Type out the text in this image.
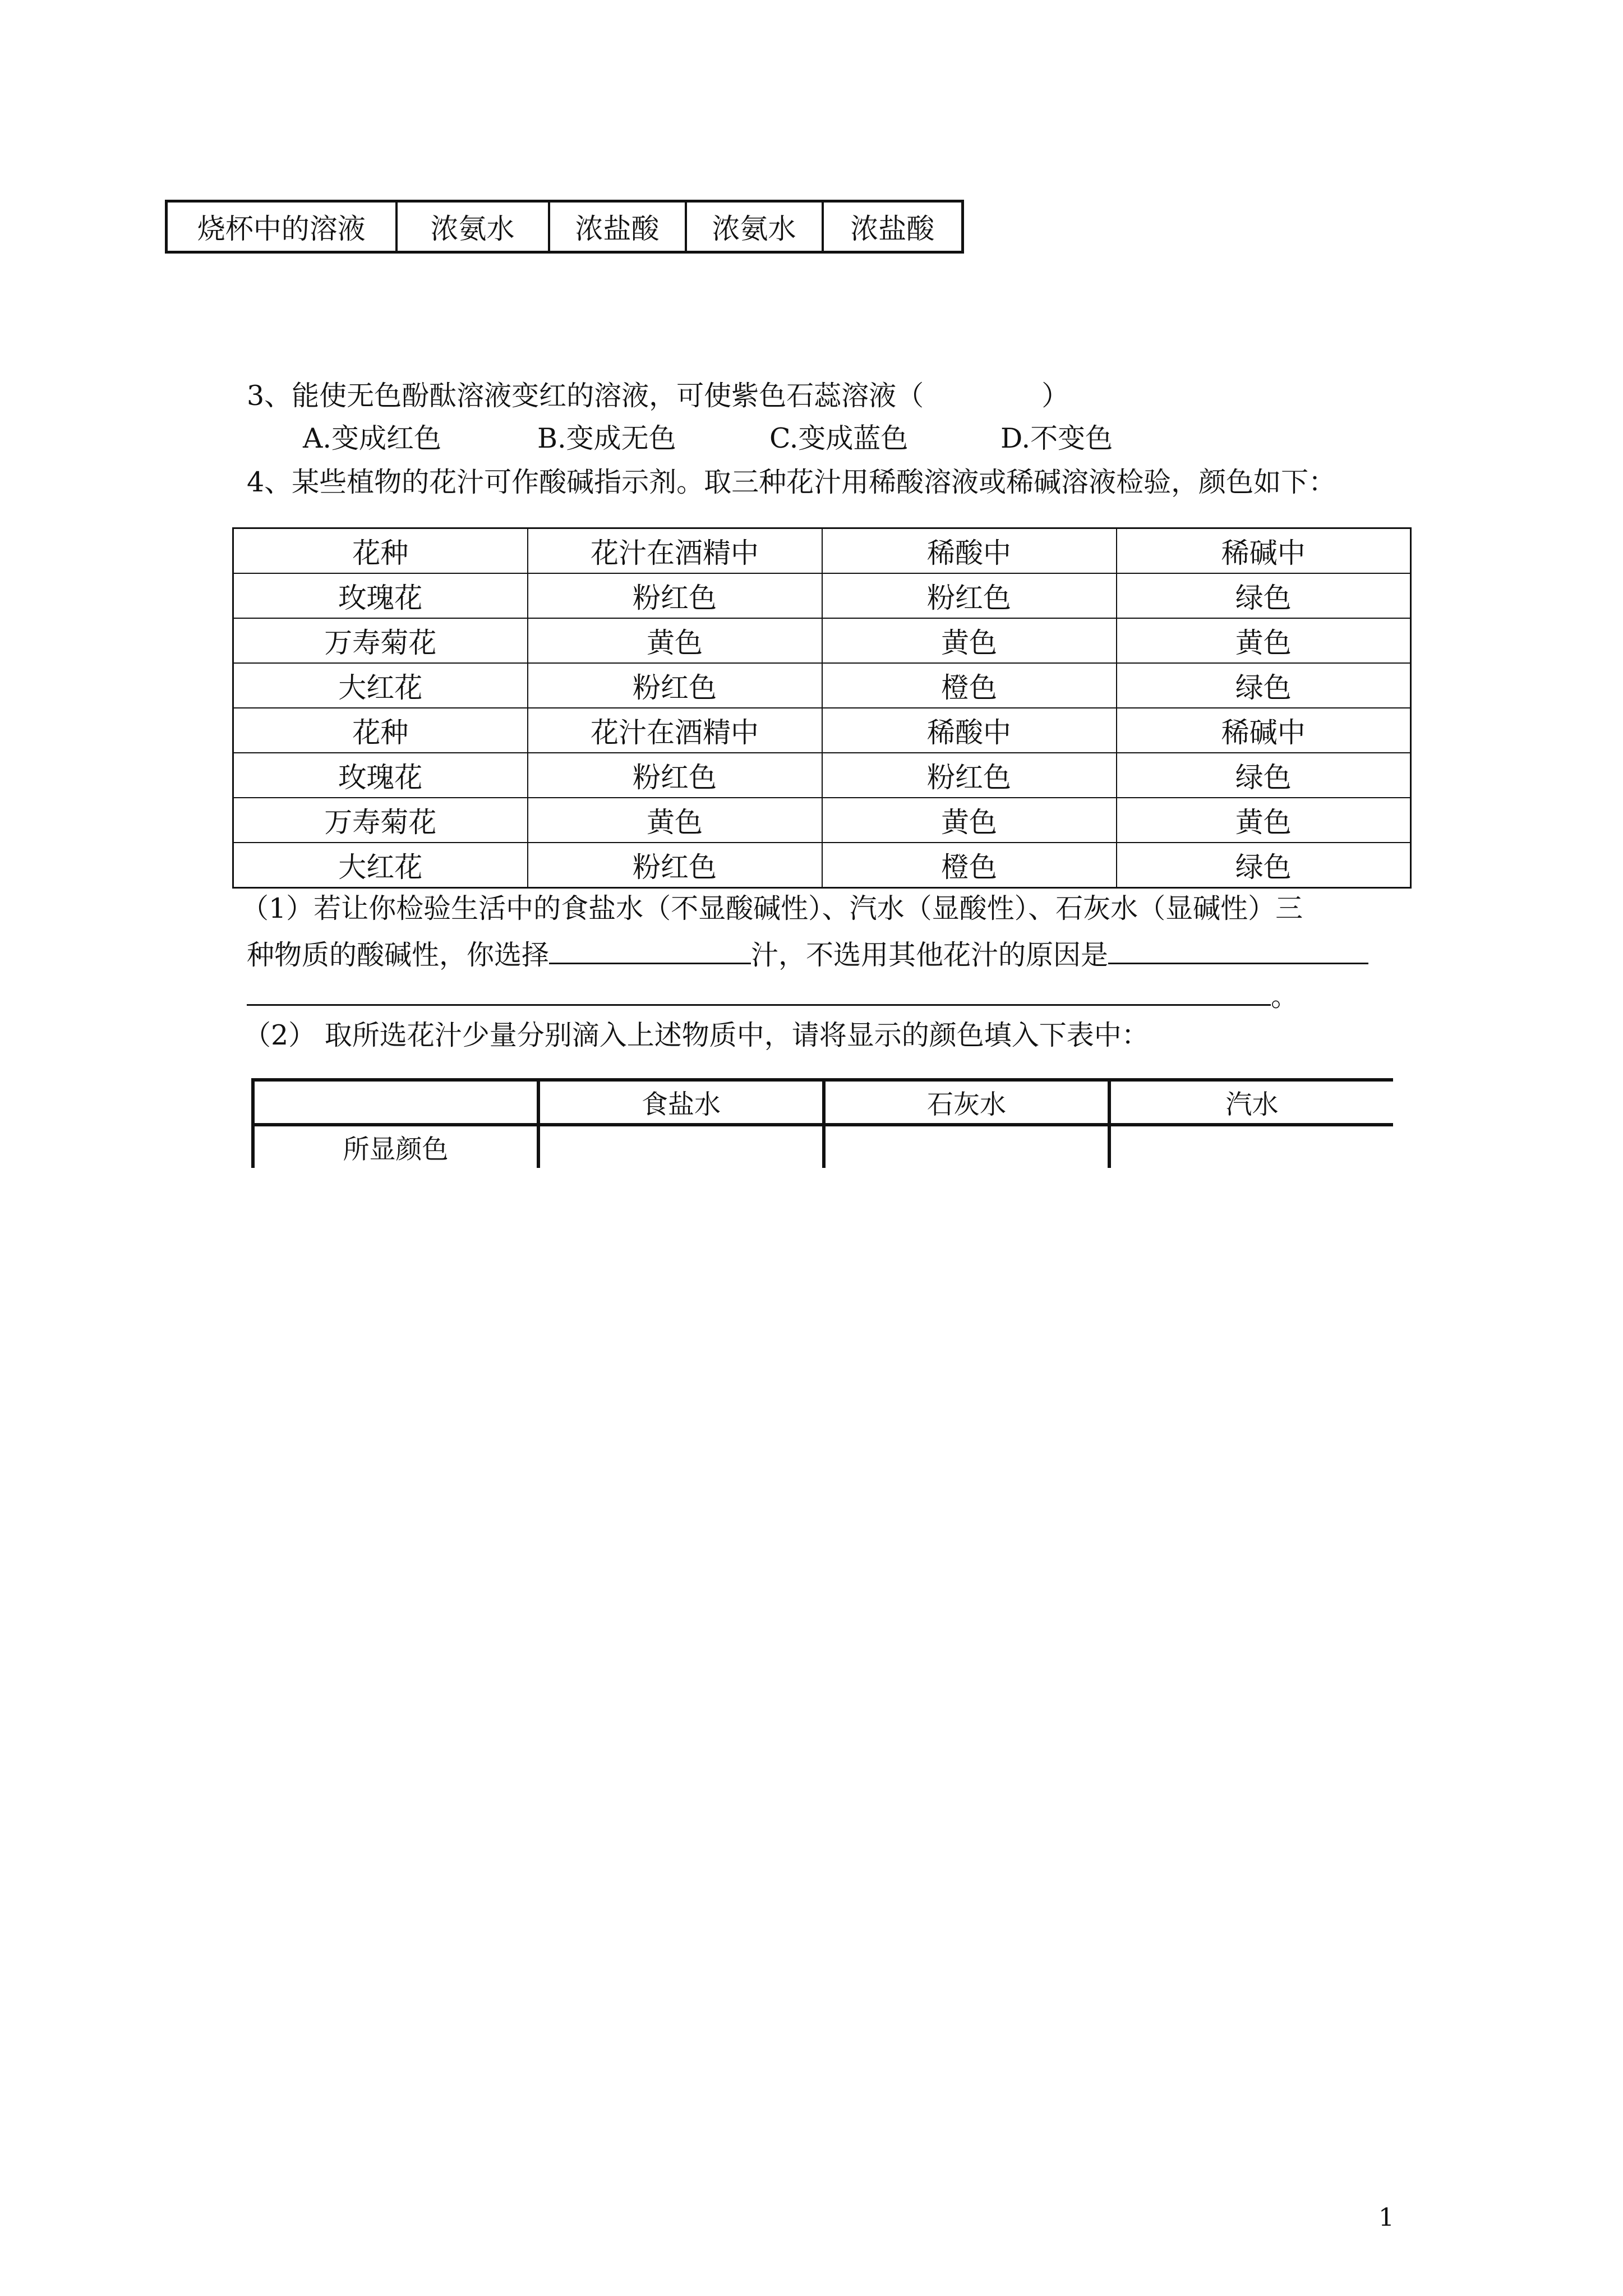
烧杯中的溶液	浓氨水	浓盐酸	浓氨水	浓盐酸
3、能使无色酚酞溶液变红的溶液，可使紫色石蕊溶液（	）
A.变成红色	B.变成无色	C.变成蓝色	D.不变色
4、某些植物的花汁可作酸碱指示剂。取三种花汁用稀酸溶液或稀碱溶液检验，颜色如下：
花种	花汁在酒精中	稀酸中	稀碱中
玫瑰花	粉红色	粉红色	绿色
万寿菊花	黄色	黄色	黄色
大红花	粉红色	橙色	绿色
花种	花汁在酒精中	稀酸中	稀碱中
玫瑰花	粉红色	粉红色	绿色
万寿菊花	黄色	黄色	黄色
大红花	粉红色	橙色	绿色
（1）若让你检验生活中的食盐水（不显酸碱性）、汽水（显酸性）、石灰水（显碱性）三
种物质的酸碱性，你选择	汁，不选用其他花汁的原因是
。
（2） 取所选花汁少量分别滴入上述物质中，请将显示的颜色填入下表中：
	食盐水	石灰水	汽水
所显颜色			
1
